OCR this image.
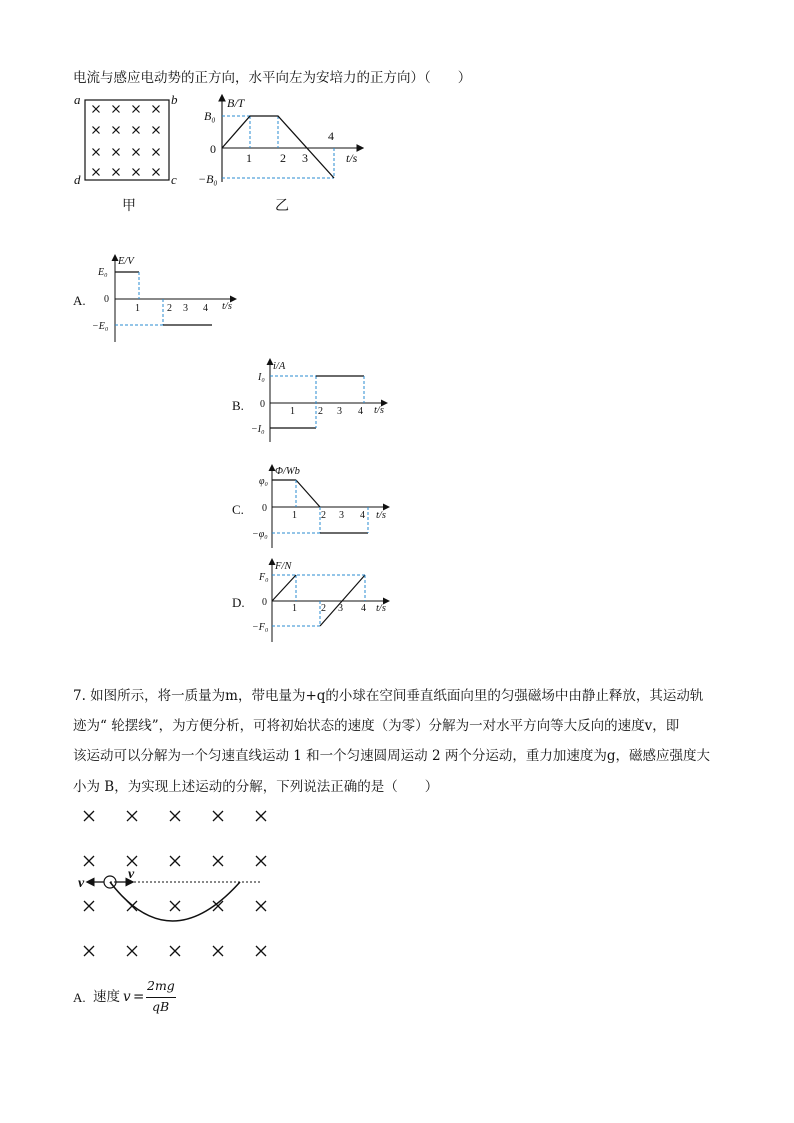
电流与感应电动势的正方向，水平向左为安培力的正方向）（　　）
a	b
c
d
甲
B/T
t/s
B₀
0
−B₀
1 2 3
4
乙
A.
E/V
t/s
E₀
0
−E₀
1	2 3 4
B.
i/A
t/s
I₀
0
−I₀
1 2 3 4
C.
Φ/Wb
t/s
φ₀
0
−φ₀
1 2 3 4
D.
F/N
t/s
F₀
0
−F₀
1 2 3 4
7. 如图所示，将一质量为m，带电量为+q的小球在空间垂直纸面向里的匀强磁场中由静止释放，其运动轨
迹为“ 轮摆线”，为方便分析，可将初始状态的速度（为零）分解为一对水平方向等大反向的速度v，即
该运动可以分解为一个匀速直线运动 1 和一个匀速圆周运动 2 两个分运动，重力加速度为g，磁感应强度大
小为 B，为实现上述运动的分解，下列说法正确的是（　　）
v
v
A. 速度 v =
2mg
qB
